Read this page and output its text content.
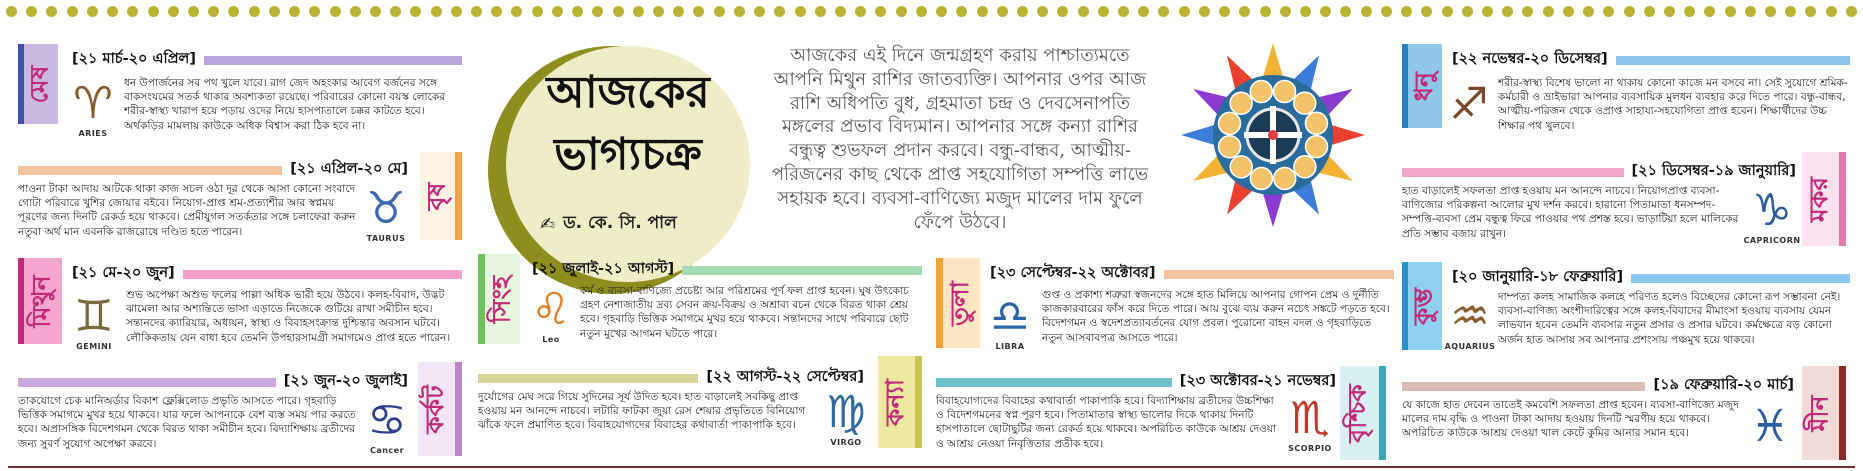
মেষ
[২১ মার্চ-২০ এপ্রিল]
♈
ARIES
ধন উপার্জনের সব পথ খুলে যাবে। রাগ জেদ অহংকার আবেগ বর্জনের সঙ্গে বাকসংযমের সতর্ক থাকার অবশ্যকতা রয়েছে। পরিবারের কোনো বয়স্ক লোকের শরীর-স্বাস্থ্য খারাপ হয়ে পড়ায় ওদের নিয়ে হাসপাতালে চক্কর কাটতে হবে। অর্থকড়ির মামলায় কাউকে অধিক বিশ্বাস করা ঠিক হবে না।
[২১ এপ্রিল-২০ মে]
পাওনা টাকা আদায় আটকে থাকা কাজ সচল ওঠা দূর থেকে আসা কোনো সংবাদে গোটা পরিবারে খুশির জোয়ার বইবে। নিয়োগ-প্রাপ্ত শ্রম-প্রত্যাশীর আর স্বপ্নময় পূরণের জন্য দিনটি রেকর্ড হয়ে থাকবে। প্রেমীযুগল সতর্কতার সঙ্গে চলাফেরা করুন নতুবা অর্থ মান এবনকি রাজরোষে দণ্ডিত হতে পারেন।	♉
TAURUS
বৃষ
মিথুন
[২১ মে-২০ জুন]
♊
GEMINI
শুভ অপেক্ষা অশুভ ফলের পাল্লা অধিক ভারী হয়ে উঠবে। কলহ-বিবাদ, উদ্ভট ঝামেলা আর অশান্তিতে ভাসা এড়াতে নিজেকে গুটিয়ে রাখা সমীচীন হবে। সন্তানদের ক্যারিয়ার, অধ্যয়ন, স্বাস্থ্য ও বিবাহসংক্রান্ত দুশ্চিন্তার অবসান ঘটবে। লৌকিকতায় যেন বাধা হবে তেমনি উপহারসামগ্রী সমাগমেও প্রাপ্ত হতে পারেন।
[২১ জুন-২০ জুলাই]
তাকযোগে চেক মানিঅর্ডার বিকাশ ফ্লেক্সিলোড প্রভৃতি আসতে পারে। গৃহবাড়ি ভিত্তিক সমাগমে মুখর হয়ে থাকবে। যার ফলে আপনাকে বেশ ব্যস্ত সময় পার করতে হবে। অপ্রাসঙ্গিক বিদেশগমন থেকে বিরত থাকা সমীচীন হবে। বিদ্যাশিক্ষায় ব্রতীদের জন্য সুবর্ণ সুযোগ অপেক্ষা করবে।	♋
Cancer
কর্কট
আজকের ভাগ্যচক্র
✍ ড. কে. সি. পাল
আজকের এই দিনে জন্মগ্রহণ করায় পাশ্চাত্যমতে আপনি মিথুন রাশির জাতব্যক্তি। আপনার ওপর আজ রাশি অধিপতি বুধ, গ্রহমাতা চন্দ্র ও দেবসেনাপতি মঙ্গলের প্রভাব বিদ্যমান। আপনার সঙ্গে কন্যা রাশির বন্ধুত্ব শুভফল প্রদান করবে। বন্ধু-বান্ধব, আত্মীয়-পরিজনের কাছ থেকে প্রাপ্ত সহযোগিতা সম্পত্তি লাভে সহায়ক হবে। ব্যবসা-বাণিজ্যে মজুদ মালের দাম ফুলে ফেঁপে উঠবে।
সিংহ
[২১ জুলাই-২১ আগস্ট]
♌
Leo
কর্ম ও ব্যবসা-বাণিজ্যে প্রচেষ্টা আর পরিশ্রমের পূর্ণ ফল প্রাপ্ত হবেন। ঘুষ উৎকোচ গ্রহণ নেশাজাতীয় দ্রব্য সেবন ক্রয়-বিক্রয় ও অশ্রাব্য বচন থেকে বিরত থাকা শ্রেয় হবে। গৃহবাড়ি ভিত্তিক সমাগমে মুখর হয়ে থাকবে। সন্তানদের সাথে পরিবারে ছোট নতুন মুখের আগমন ঘটতে পারে।
[২২ আগস্ট-২২ সেপ্টেম্বর]
দুর্যোগের মেঘ সরে গিয়ে সুদিনের সূর্য উদিত হবে। হাত বাড়ালেই সবকিছু প্রাপ্ত হওয়ায় মন আনন্দে নাচবে। লটারি ফাটকা জুয়া রেস শেয়ার প্রভৃতিতে বিনিয়োগ ঝাঁকে ফলে প্রমাণিত হবে। বিবাহযোগ্যদের বিবাহের কথাবার্তা পাকাপাকি হবে। ♍
VIRGO
কন্যা
তুলা
[২৩ সেপ্টেম্বর-২২ অক্টোবর]
♎
LIBRA
গুপ্ত ও প্রকাশ্য শত্রুরা স্বজনদের সঙ্গে হাত মিলিয়ে আপনার গোপন প্রেম ও দুর্নীতি কাজকারবারের ফাঁস করে দিতে পারে। আয় বুঝে ব্যয় করুন নচেৎ সঙ্কটে পড়তে হবে। বিদেশগমন ও স্বদেশপ্রত্যাবর্তনের যোগ প্রবল। পুরোনো বাহন বদল ও গৃহবাড়িতে নতুন আসবাবপত্র আসতে পারে।
[২৩ অক্টোবর-২১ নভেম্বর]
বিবাহযোগ্যদের বিবাহের কথাবার্তা পাকাপাকি হবে। বিদ্যাশিক্ষায় ব্রতীদের উচ্চশিক্ষা ও বিদেশগমনের স্বপ্ন পূরণ হবে। পিতামাতার স্বাস্থ্য ভালোর দিকে থাকায় দিনটি হাসপাতালে ছোটাছুটির জন্য রেকর্ড হয়ে থাকবে। অপরিচিত কাউকে আশ্রয় দেওয়া ও আশ্রয় নেওয়া নিবৃত্তিতার প্রতীক হবে।
♏
SCORPIO
বৃশ্চিক
ধনু
[২২ নভেম্বর-২০ ডিসেম্বর]
♐ শরীর-স্বাস্থ্য বিশেষ ভালো না থাকায় কোনো কাজে মন বসবে না। সেই সুযোগে শ্রমিক-কর্মচারী ও ভ্রাইভারা আপনার ব্যবসায়িক মুলধন ব্যবহার করে দিতে পারে। বন্ধু-বান্ধব, আত্মীয়-পরিজন থেকে ওপ্রাপ্ত সাহায্য-সহযোগিতা প্রাপ্ত হবেন। শিক্ষার্থীদের উচ্চ শিক্ষার পথ খুলবে।
[২১ ডিসেম্বর-১৯ জানুয়ারি]
হাত বাড়ালেই সফলতা প্রাপ্ত হওয়ায় মন আনন্দে নাচবে। নিয়োগপ্রাপ্ত ব্যবসা-বাণিজ্যের পরিকল্পনা আলোর মুখ দর্শন করবে। হারানো পিতামাতা ধনসম্পদ-সম্পত্তি-ব্যবসা প্রেম বন্ধুত্ব ফিরে পাওয়ার পথ প্রশস্ত হবে। ভাড়াটিয়া হলে মালিকের প্রতি সম্ভাব বজায় রাখুন।	♑
CAPRICORN
মকর
কুম্ভ
[২০ জানুয়ারি-১৮ ফেব্রুয়ারি]
♒
AQUARIUS
দাম্পত্য কলহ সামাজিক কলহে পরিণত হলেও বিচ্ছেদের কোনো রূপ সম্ভাবনা নেই। ব্যবসা-বাণিজ্য অংশীদারিত্বের সঙ্গে কলহ-বিবাদের মীমাংসা হওয়ায় ব্যবসায় যেমন লাভবান হবেন তেমনি ব্যবসার নতুন প্রসার ও প্রসার ঘটবে। কর্মক্ষেত্রে বড় কোনো অর্জন হাত আসায় সব আপনার প্রশংসায় পঞ্চমুখ হয়ে থাকবে।
[১৯ ফেব্রুয়ারি-২০ মার্চ]
যে কাজে হাত দেবেন তাতেই কমবেশি সফলতা প্রাপ্ত হবেন। ব্যবসা-বাণিজ্যে মজুদ মালের দাম বৃদ্ধি ও পাওনা টাকা আদায় হওয়ায় দিনটি স্মরণীয় হয়ে থাকবে। অপরিচিত কাউকে আশ্রয় দেওয়া খাল কেটে কুমির আনার সমান হবে।	♓ মীন
